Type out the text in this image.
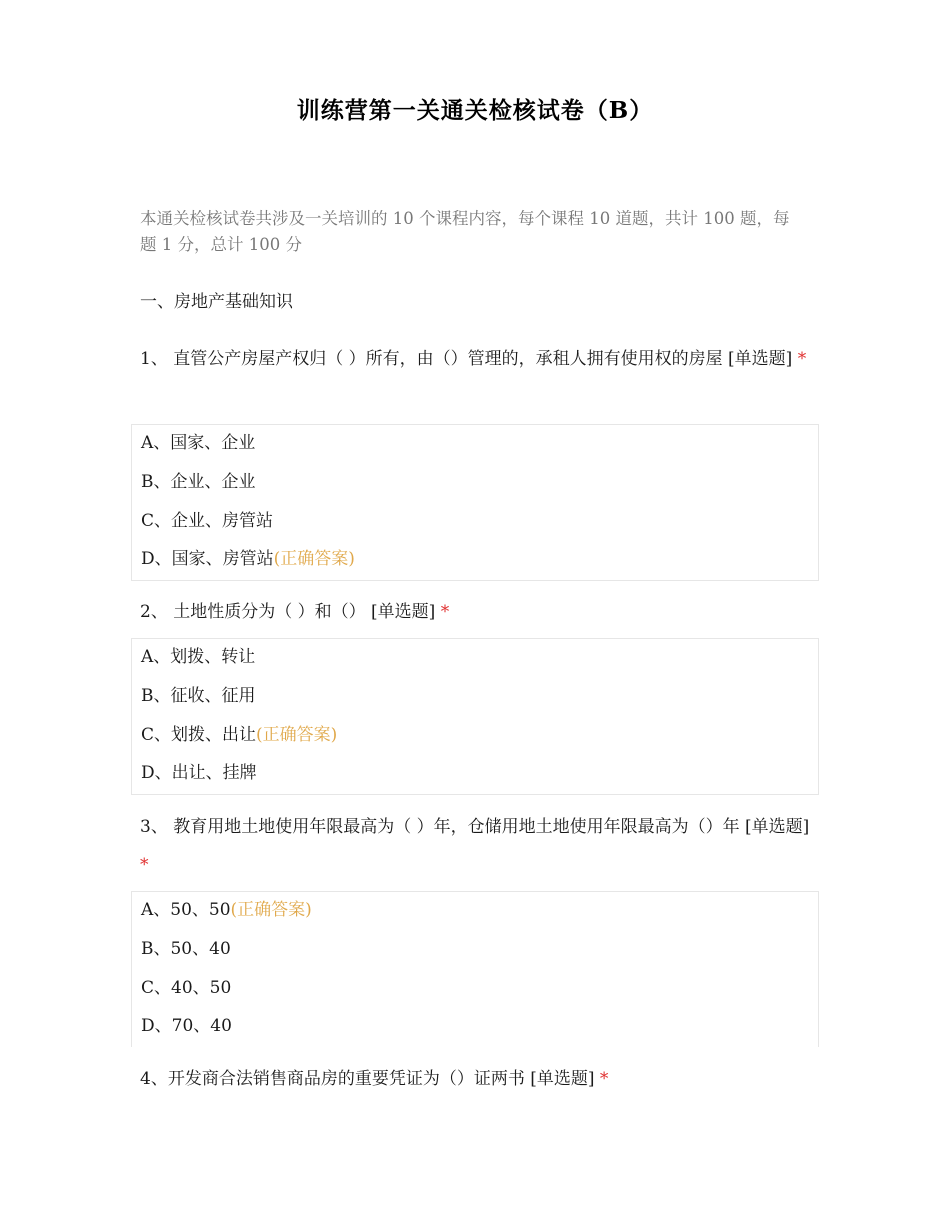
训练营第一关通关检核试卷（B）
本通关检核试卷共涉及一关培训的 10 个课程内容，每个课程 10 道题，共计 100 题，每题 1 分，总计 100 分
一、房地产基础知识
1、 直管公产房屋产权归（ ）所有，由（）管理的，承租人拥有使用权的房屋 [单选题] *
A、国家、企业
B、企业、企业
C、企业、房管站
D、国家、房管站(正确答案)
2、 土地性质分为（ ）和（） [单选题] *
A、划拨、转让
B、征收、征用
C、划拨、出让(正确答案)
D、出让、挂牌
3、 教育用地土地使用年限最高为（ ）年，仓储用地土地使用年限最高为（）年 [单选题] *
A、50、50(正确答案)
B、50、40
C、40、50
D、70、40
4、开发商合法销售商品房的重要凭证为（）证两书 [单选题] *
